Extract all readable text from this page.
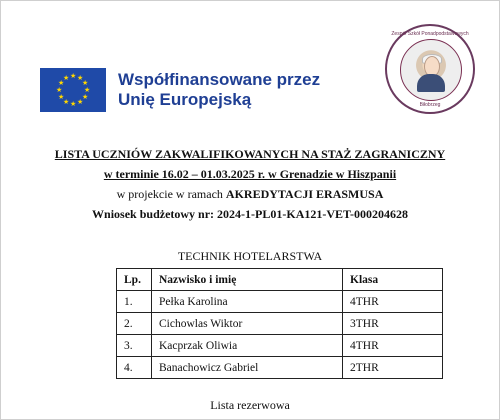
★ ★
★
★
★
★
★
★
★
★
★
★	Współfinansowane przez
Unię Europejską
Zespół Szkół Ponadpodstawowych
Biłobrzeg
LISTA UCZNIÓW ZAKWALIFIKOWANYCH NA STAŻ ZAGRANICZNY
w terminie 16.02 – 01.03.2025 r. w Grenadzie w Hiszpanii
w projekcie w ramach AKREDYTACJI ERASMUSA
Wniosek budżetowy nr: 2024-1-PL01-KA121-VET-000204628
TECHNIK HOTELARSTWA
Lp.	Nazwisko i imię	Klasa
1.	Pełka Karolina	4THR
2.	Cichowlas Wiktor	3THR
3.	Kacprzak Oliwia	4THR
4.	Banachowicz Gabriel	2THR
Lista rezerwowa
